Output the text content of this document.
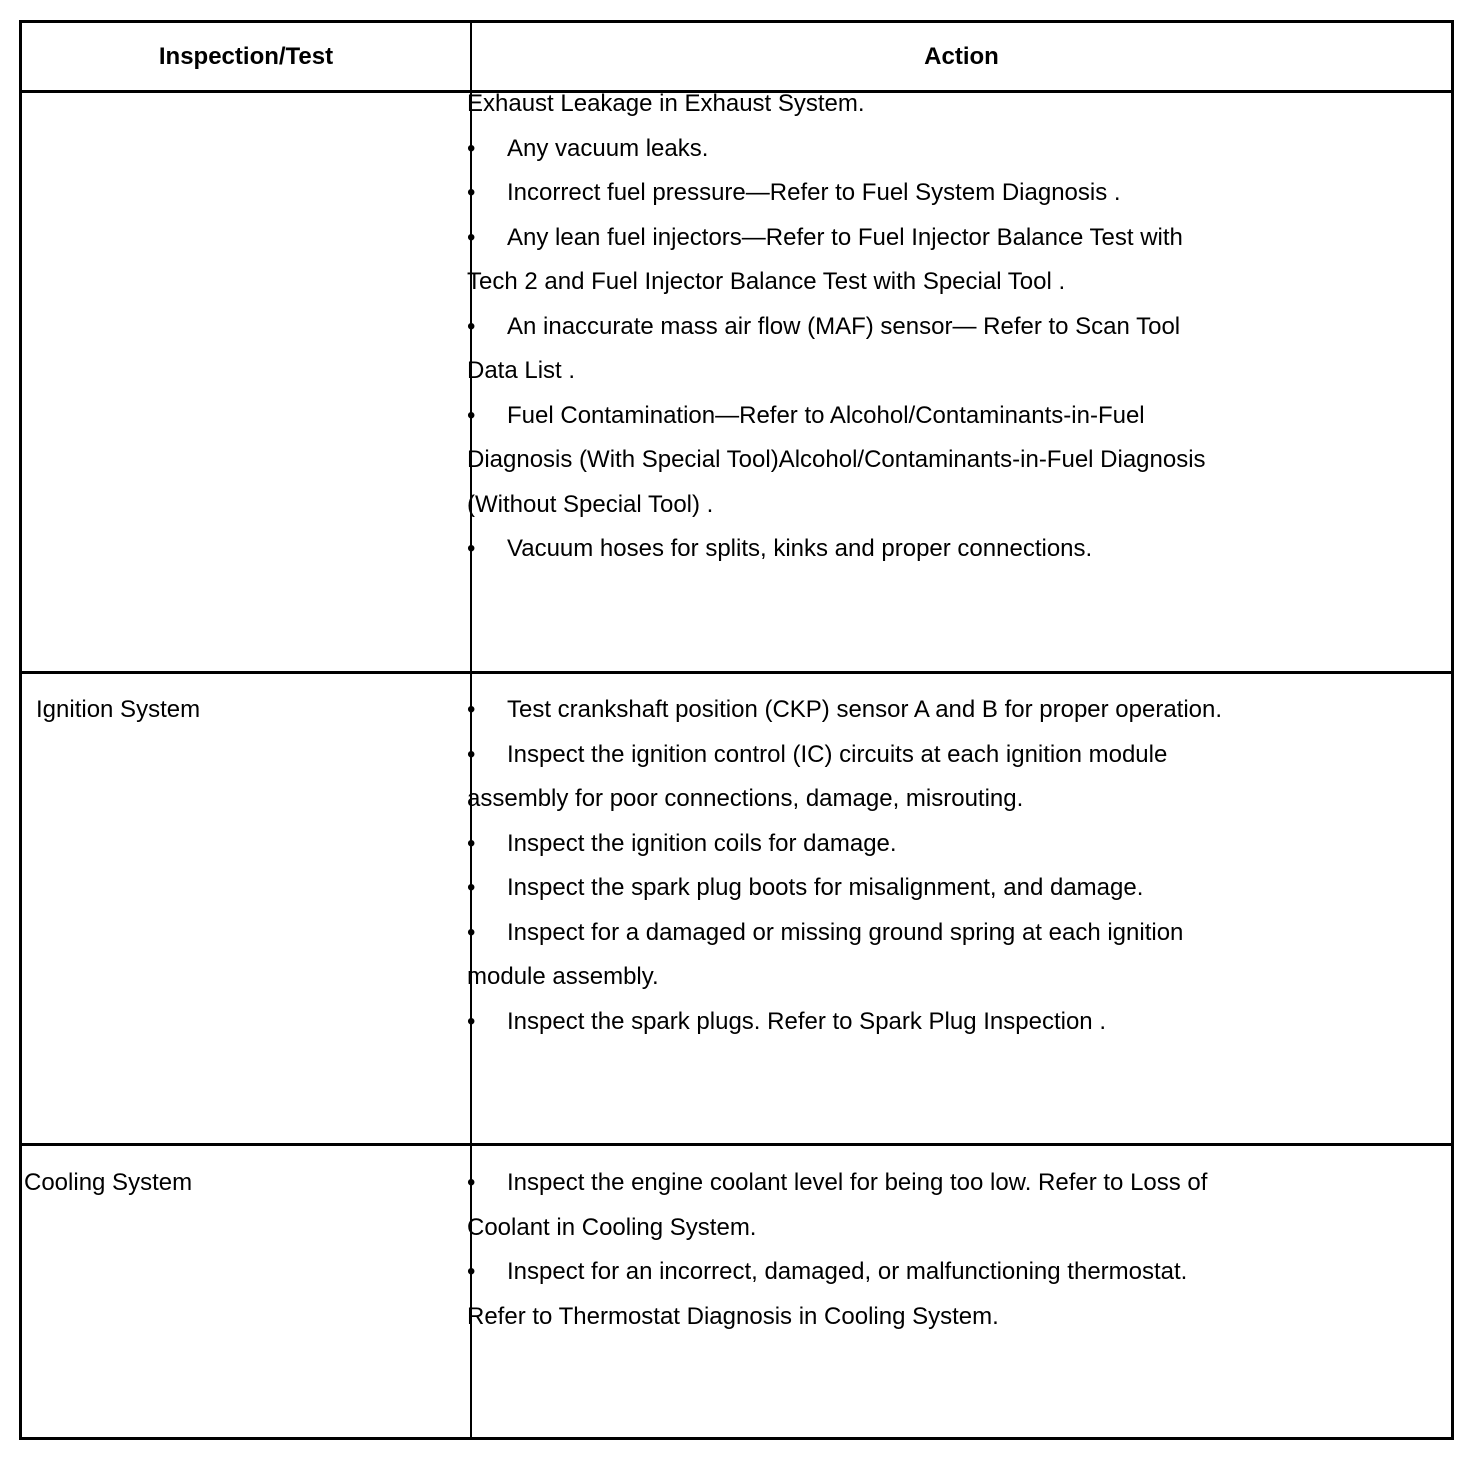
Inspection/Test	Action
Exhaust Leakage in Exhaust System.
• Any vacuum leaks.
• Incorrect fuel pressure—Refer to Fuel System Diagnosis .
• Any lean fuel injectors—Refer to Fuel Injector Balance Test with
Tech 2 and Fuel Injector Balance Test with Special Tool .
• An inaccurate mass air flow (MAF) sensor— Refer to Scan Tool
Data List .
• Fuel Contamination—Refer to Alcohol/Contaminants-in-Fuel
Diagnosis (With Special Tool)Alcohol/Contaminants-in-Fuel Diagnosis
(Without Special Tool) .
• Vacuum hoses for splits, kinks and proper connections.
Ignition System	• Test crankshaft position (CKP) sensor A and B for proper operation.
• Inspect the ignition control (IC) circuits at each ignition module
assembly for poor connections, damage, misrouting.
• Inspect the ignition coils for damage.
• Inspect the spark plug boots for misalignment, and damage.
• Inspect for a damaged or missing ground spring at each ignition
module assembly.
• Inspect the spark plugs. Refer to Spark Plug Inspection .
Cooling System	• Inspect the engine coolant level for being too low. Refer to Loss of
Coolant in Cooling System.
• Inspect for an incorrect, damaged, or malfunctioning thermostat.
Refer to Thermostat Diagnosis in Cooling System.
